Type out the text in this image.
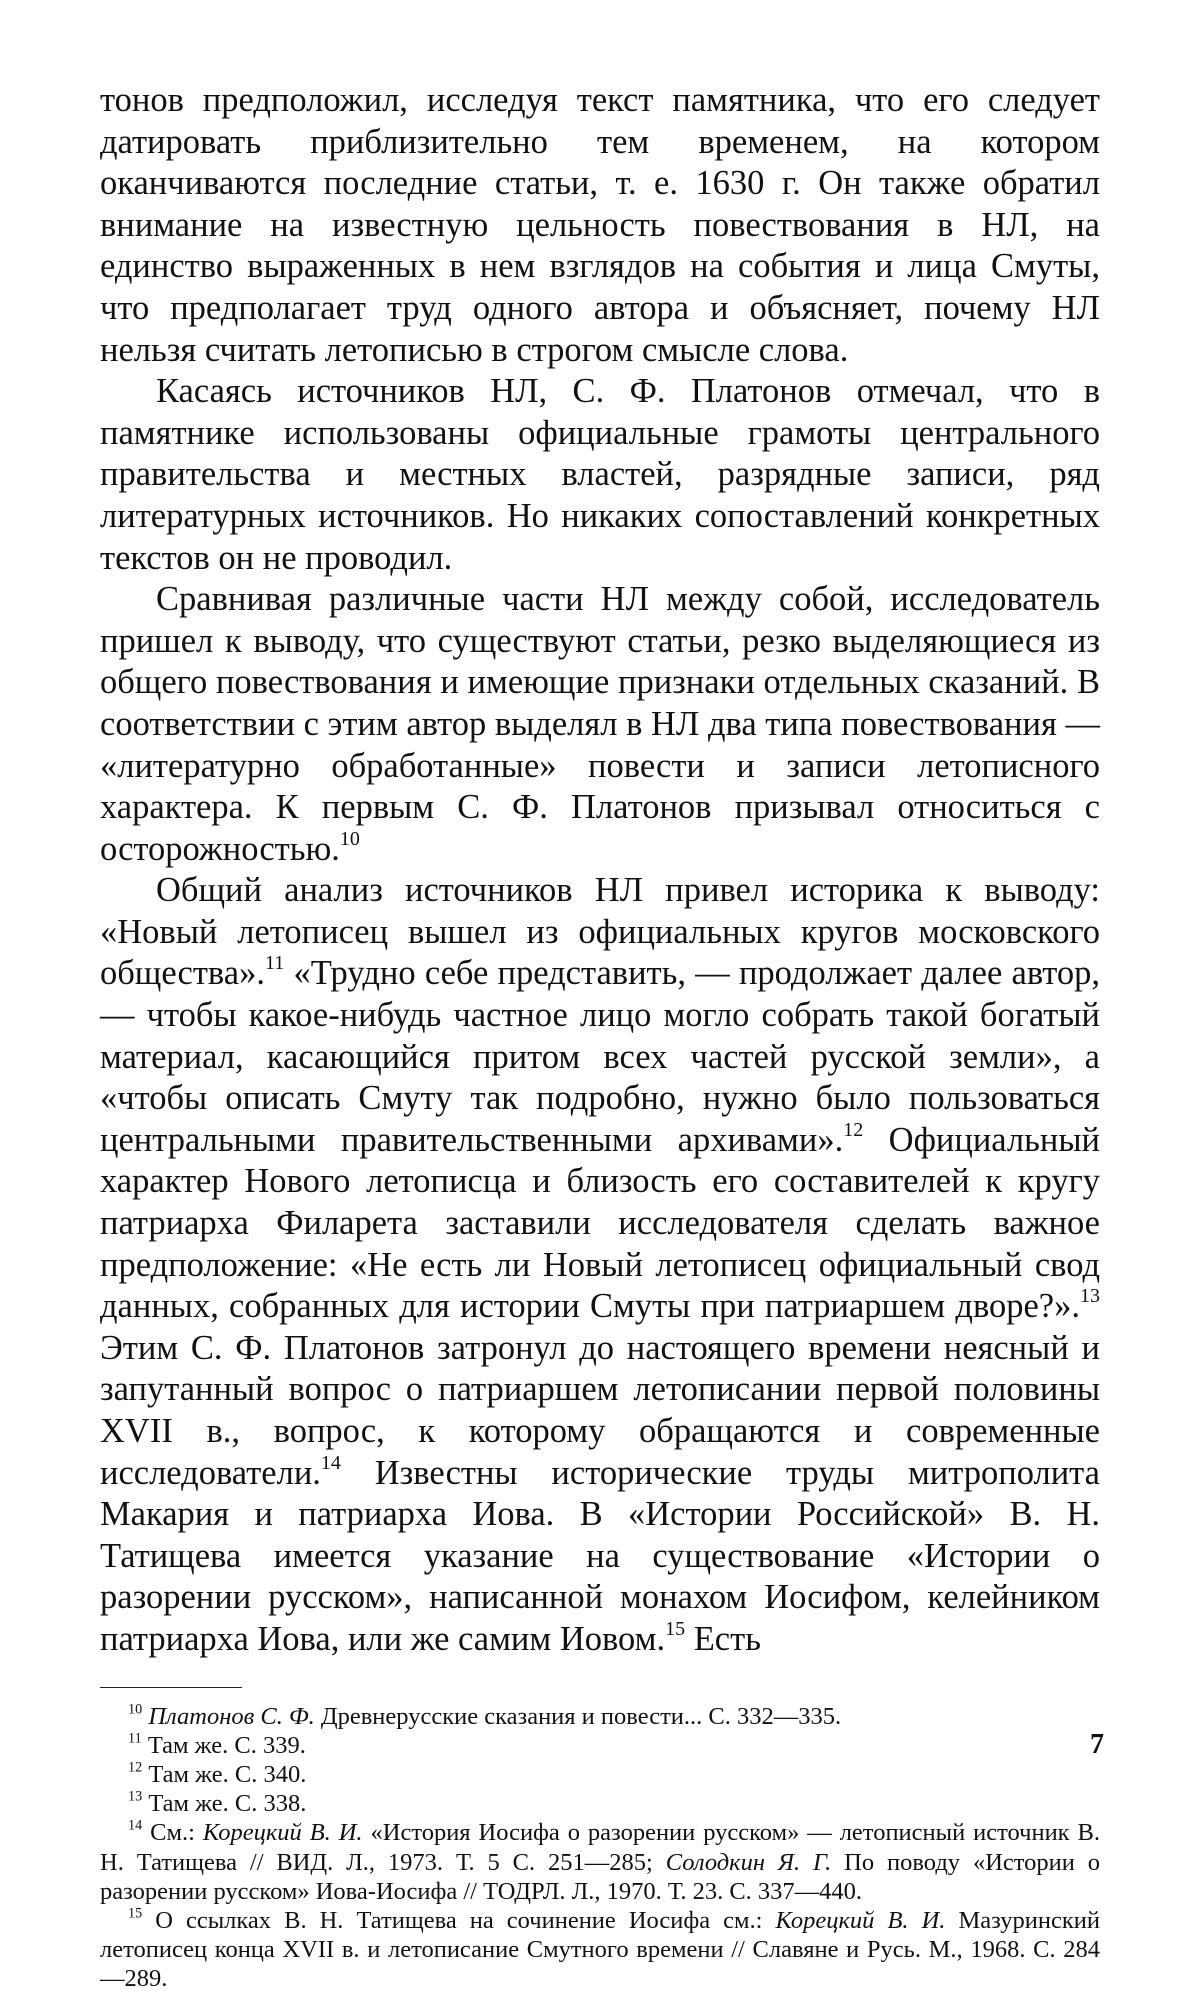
тонов предположил, исследуя текст памятника, что его следует датировать приблизительно тем временем, на котором оканчиваются последние статьи, т. е. 1630 г. Он также обратил внимание на известную цельность повествования в НЛ, на единство выраженных в нем взглядов на события и лица Смуты, что предполагает труд одного автора и объясняет, почему НЛ нельзя считать летописью в строгом смысле слова.

Касаясь источников НЛ, С. Ф. Платонов отмечал, что в памятнике использованы официальные грамоты центрального правительства и местных властей, разрядные записи, ряд литературных источников. Но никаких сопоставлений конкретных текстов он не проводил.

Сравнивая различные части НЛ между собой, исследователь пришел к выводу, что существуют статьи, резко выделяющиеся из общего повествования и имеющие признаки отдельных сказаний. В соответствии с этим автор выделял в НЛ два типа повествования — «литературно обработанные» повести и записи летописного характера. К первым С. Ф. Платонов призывал относиться с осторожностью.$^{10}$

Общий анализ источников НЛ привел историка к выводу: «Новый летописец вышел из официальных кругов московского общества».$^{11}$ «Трудно себе представить, — продолжает далее автор, — чтобы какое-нибудь частное лицо могло собрать такой богатый материал, касающийся притом всех частей русской земли», а «чтобы описать Смуту так подробно, нужно было пользоваться центральными правительственными архивами».$^{12}$ Официальный характер Нового летописца и близость его составителей к кругу патриарха Филарета заставили исследователя сделать важное предположение: «Не есть ли Новый летописец официальный свод данных, собранных для истории Смуты при патриаршем дворе?».$^{13}$ Этим С. Ф. Платонов затронул до настоящего времени неясный и запутанный вопрос о патриаршем летописании первой половины XVII в., вопрос, к которому обращаются и современные исследователи.$^{14}$ Известны исторические труды митрополита Макария и патриарха Иова. В «Истории Российской» В. Н. Татищева имеется указание на существование «Истории о разорении русском», написанной монахом Иосифом, келейником патриарха Иова, или же самим Иовом.$^{15}$ Есть

$^{10}$ Платонов С. Ф. Древнерусские сказания и повести... С. 332—335.

$^{11}$ Там же. С. 339.

$^{12}$ Там же. С. 340.

$^{13}$ Там же. С. 338.

$^{14}$ См.: Корецкий В. И. «История Иосифа о разорении русском» — летописный источник В. Н. Татищева // ВИД. Л., 1973. Т. 5 С. 251—285; Солодкин Я. Г. По поводу «Истории о разорении русском» Иова-Иосифа // ТОДРЛ. Л., 1970. Т. 23. С. 337—440.

$^{15}$ О ссылках В. Н. Татищева на сочинение Иосифа см.: Корецкий В. И. Мазуринский летописец конца XVII в. и летописание Смутного времени // Славяне и Русь. М., 1968. С. 284—289.

7
